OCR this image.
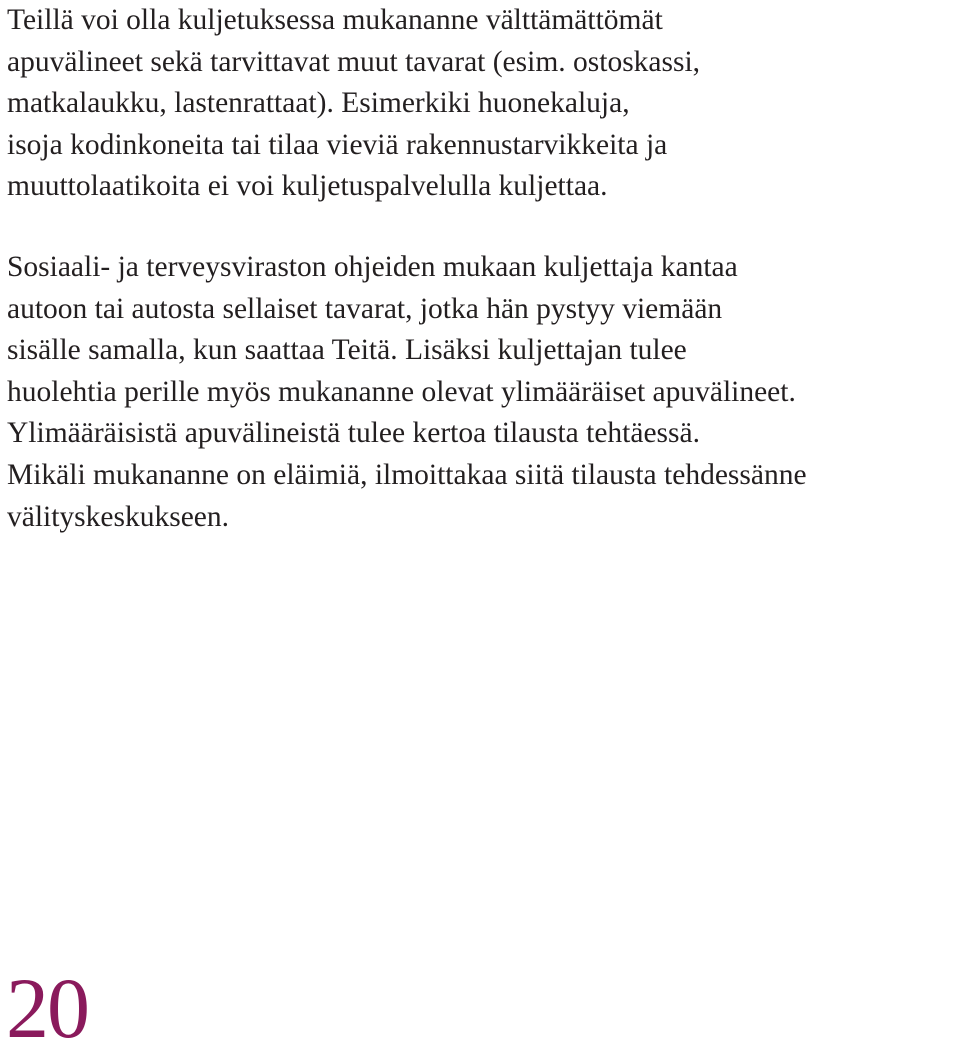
Teillä voi olla kuljetuksessa mukananne välttämättömät
apuvälineet sekä tarvittavat muut tavarat (esim. ostoskassi,
matkalaukku, lastenrattaat). Esimerkiki huonekaluja,
isoja kodinkoneita tai tilaa vieviä rakennustarvikkeita ja
muuttolaatikoita ei voi kuljetuspalvelulla kuljettaa.

Sosiaali- ja terveysviraston ohjeiden mukaan kuljettaja kantaa
autoon tai autosta sellaiset tavarat, jotka hän pystyy viemään
sisälle samalla, kun saattaa Teitä. Lisäksi kuljettajan tulee
huolehtia perille myös mukananne olevat ylimääräiset apuvälineet.
Ylimääräisistä apuvälineistä tulee kertoa tilausta tehtäessä.
Mikäli mukananne on eläimiä, ilmoittakaa siitä tilausta tehdessänne
välityskeskukseen.

20
